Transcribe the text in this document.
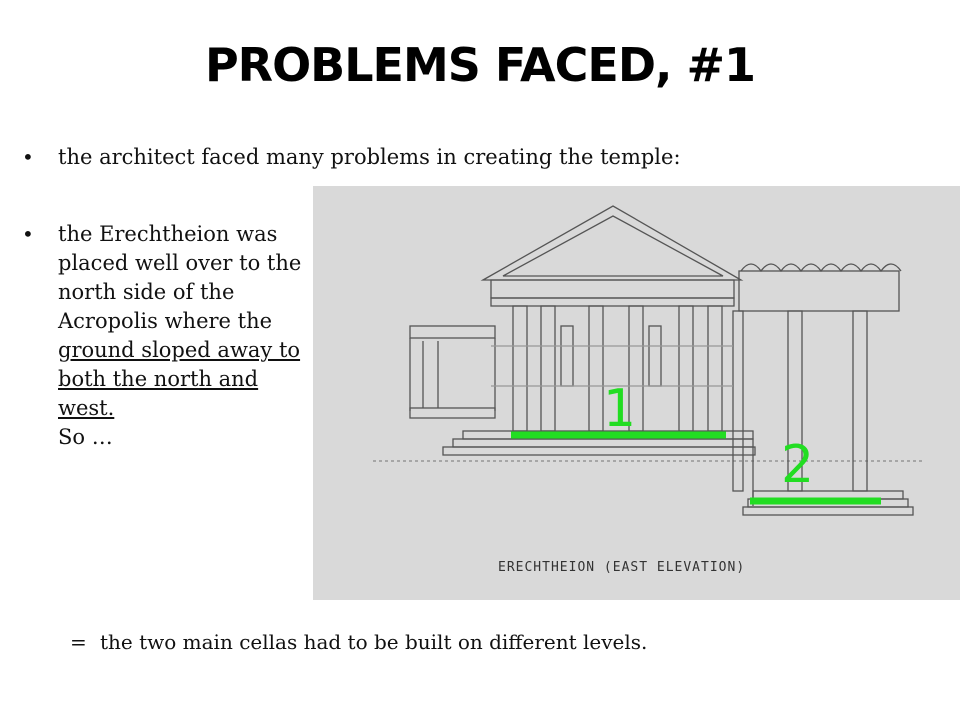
PROBLEMS FACED, #1
• the architect faced many problems in creating the temple:
• the Erechtheion was placed well over to the north side of the Acropolis where the ground sloped away to both the north and west.
So …	1
2
ERECHTHEION (EAST ELEVATION)
= the two main cellas had to be built on different levels.
